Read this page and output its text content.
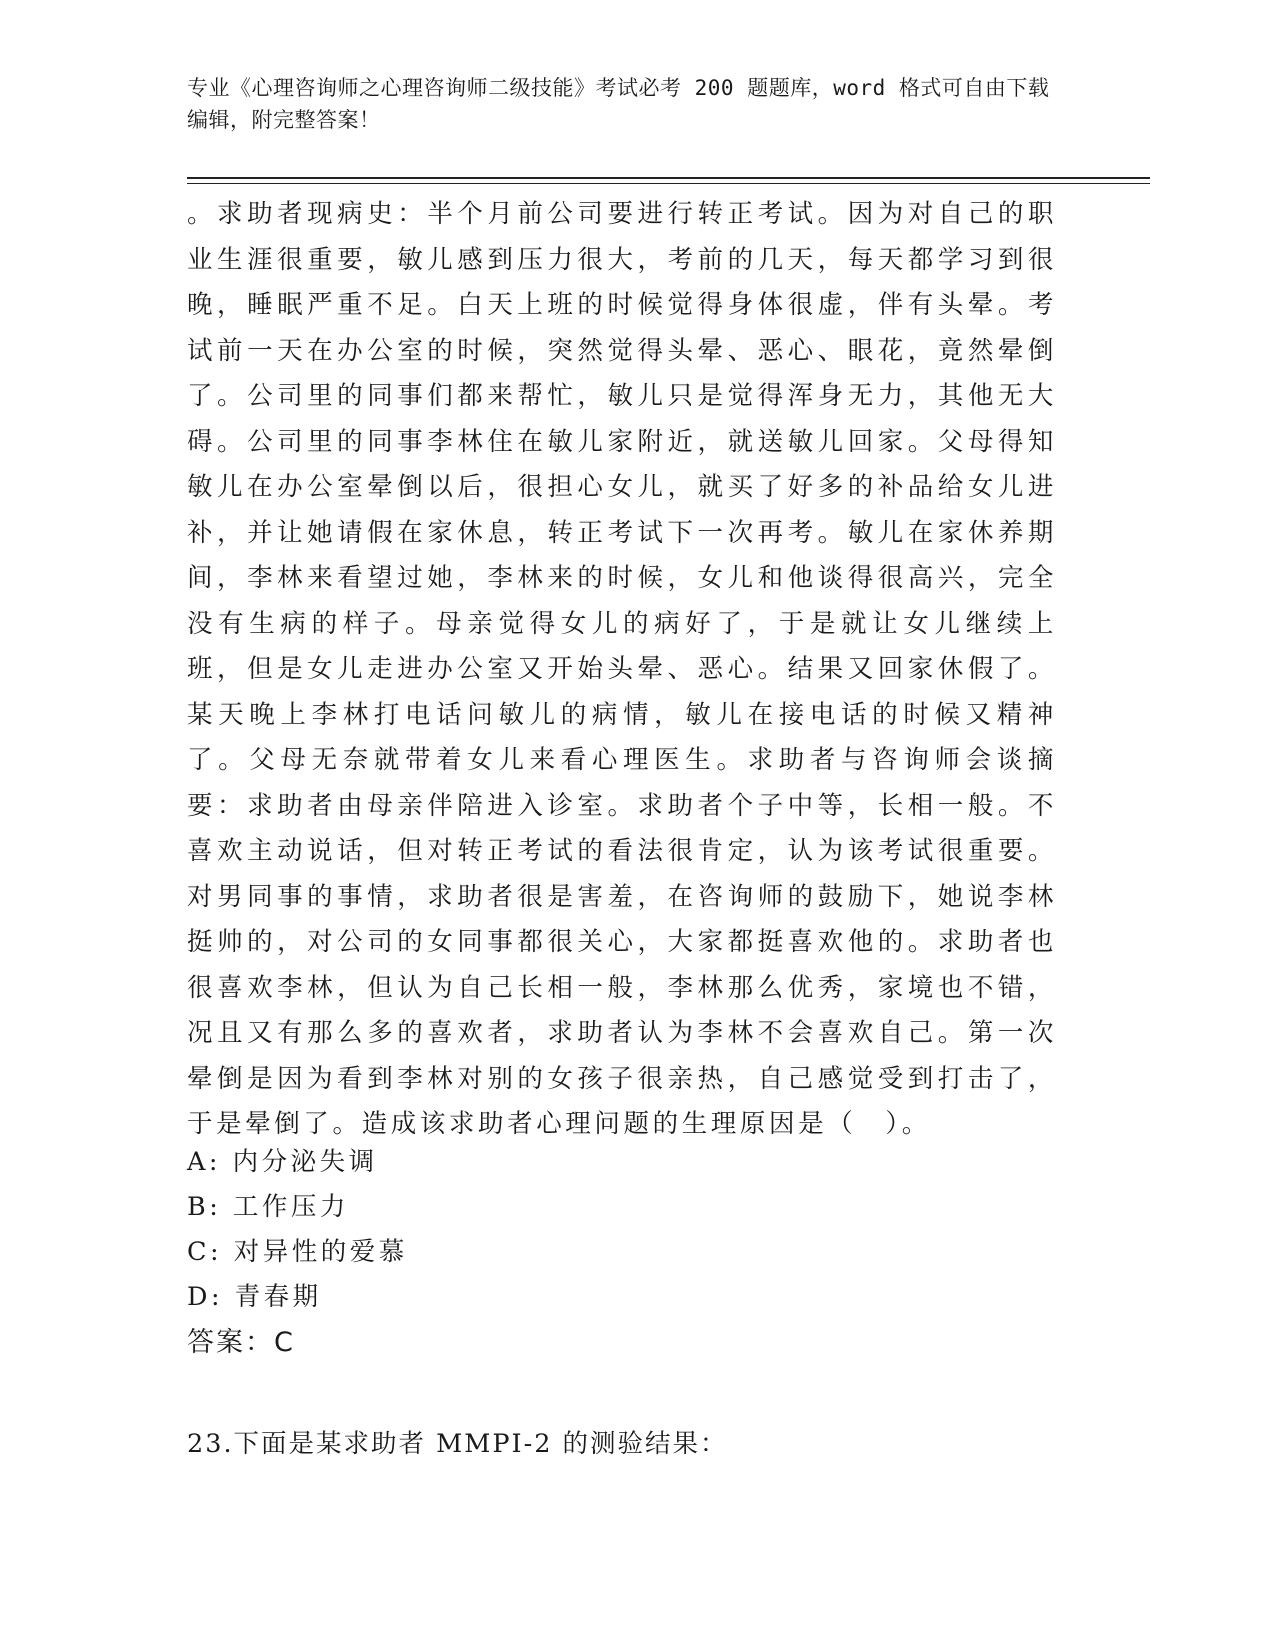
专业《心理咨询师之心理咨询师二级技能》考试必考 200 题题库，word 格式可自由下载编辑，附完整答案！
。求助者现病史：半个月前公司要进行转正考试。因为对自己的职业生涯很重要，敏儿感到压力很大，考前的几天，每天都学习到很晚，睡眠严重不足。白天上班的时候觉得身体很虚，伴有头晕。考试前一天在办公室的时候，突然觉得头晕、恶心、眼花，竟然晕倒了。公司里的同事们都来帮忙，敏儿只是觉得浑身无力，其他无大碍。公司里的同事李林住在敏儿家附近，就送敏儿回家。父母得知敏儿在办公室晕倒以后，很担心女儿，就买了好多的补品给女儿进补，并让她请假在家休息，转正考试下一次再考。敏儿在家休养期间，李林来看望过她，李林来的时候，女儿和他谈得很高兴，完全没有生病的样子。母亲觉得女儿的病好了，于是就让女儿继续上班，但是女儿走进办公室又开始头晕、恶心。结果又回家休假了。某天晚上李林打电话问敏儿的病情，敏儿在接电话的时候又精神了。父母无奈就带着女儿来看心理医生。求助者与咨询师会谈摘要：求助者由母亲伴陪进入诊室。求助者个子中等，长相一般。不喜欢主动说话，但对转正考试的看法很肯定，认为该考试很重要。对男同事的事情，求助者很是害羞，在咨询师的鼓励下，她说李林挺帅的，对公司的女同事都很关心，大家都挺喜欢他的。求助者也很喜欢李林，但认为自己长相一般，李林那么优秀，家境也不错，况且又有那么多的喜欢者，求助者认为李林不会喜欢自己。第一次晕倒是因为看到李林对别的女孩子很亲热，自己感觉受到打击了，于是晕倒了。造成该求助者心理问题的生理原因是（　）。
A: 内分泌失调
B: 工作压力
C: 对异性的爱慕
D: 青春期
答案：C
23.下面是某求助者 MMPI-2 的测验结果：
